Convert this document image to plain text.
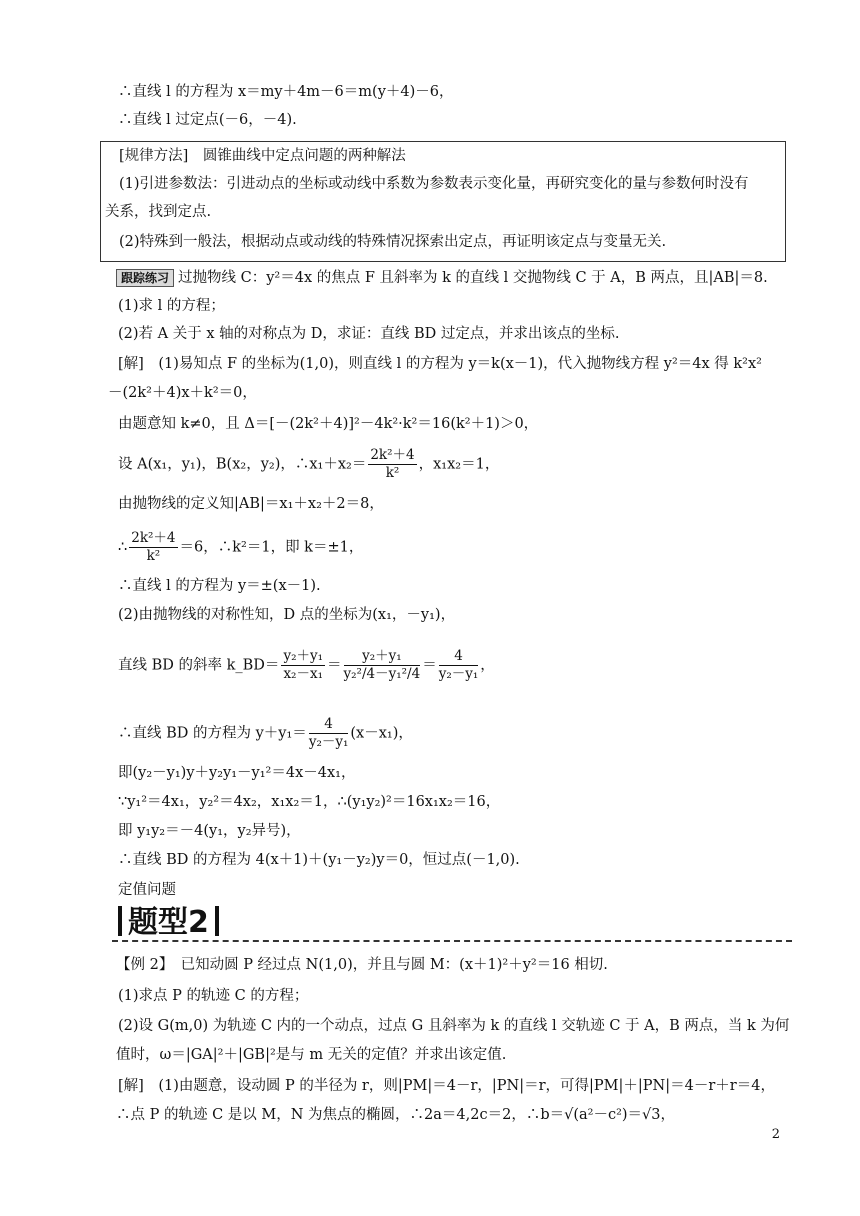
∴直线 l 的方程为 x＝my＋4m－6＝m(y＋4)－6，
∴直线 l 过定点(－6，－4).
[规律方法]　圆锥曲线中定点问题的两种解法
(1)引进参数法：引进动点的坐标或动线中系数为参数表示变化量，再研究变化的量与参数何时没有
关系，找到定点.
(2)特殊到一般法，根据动点或动线的特殊情况探索出定点，再证明该定点与变量无关.
跟踪练习 过抛物线 C：y²＝4x 的焦点 F 且斜率为 k 的直线 l 交抛物线 C 于 A，B 两点，且|AB|＝8.
(1)求 l 的方程；
(2)若 A 关于 x 轴的对称点为 D，求证：直线 BD 过定点，并求出该点的坐标.
[解]　(1)易知点 F 的坐标为(1,0)，则直线 l 的方程为 y＝k(x－1)，代入抛物线方程 y²＝4x 得 k²x²
－(2k²＋4)x＋k²＝0，
由题意知 k≠0，且 Δ＝[－(2k²＋4)]²－4k²·k²＝16(k²＋1)＞0，
设 A(x₁，y₁)，B(x₂，y₂)，∴x₁＋x₂＝ $\frac{\text{2k²＋4}}{\text{k²}}$ ，x₁x₂＝1，
由抛物线的定义知|AB|＝x₁＋x₂＋2＝8，
∴ $\frac{\text{2k²＋4}}{\text{k²}} =6$，∴k²＝1，即 k＝±1，
∴直线 l 的方程为 y＝±(x－1).
(2)由抛物线的对称性知，D 点的坐标为(x₁，－y₁)，
直线 BD 的斜率 k_BD＝ $\frac{\text{y₂＋y₁}}{\text{x₂－x₁}} = \frac{\text{y₂＋y₁}}{\text{y₂²/4－y₁²/4}} = \frac{4}{\text{y₂－y₁}}$ ，
∴直线 BD 的方程为 $y+y_1= \frac{4}{\text{y₂－y₁}} (x-x_1)$，
即(y₂－y₁)y＋y₂y₁－y₁²＝4x－4x₁，
∵y₁²＝4x₁，y₂²＝4x₂，x₁x₂＝1，∴(y₁y₂)²＝16x₁x₂＝16，
即 y₁y₂＝－4(y₁，y₂异号)，
∴直线 BD 的方程为 4(x＋1)＋(y₁－y₂)y＝0，恒过点(－1,0).
定值问题
题型2
【例 2】　已知动圆 P 经过点 N(1,0)，并且与圆 M：(x＋1)²＋y²＝16 相切.
(1)求点 P 的轨迹 C 的方程；
(2)设 G(m,0) 为轨迹 C 内的一个动点，过点 G 且斜率为 k 的直线 l 交轨迹 C 于 A，B 两点，当 k 为何
值时，ω＝|GA|²＋|GB|²是与 m 无关的定值？并求出该定值.
[解]　(1)由题意，设动圆 P 的半径为 r，则|PM|＝4－r，|PN|＝r，可得|PM|＋|PN|＝4－r＋r＝4，
∴点 P 的轨迹 C 是以 M，N 为焦点的椭圆，∴2a＝4,2c＝2，∴b＝√(a²－c²)＝√3，
2
